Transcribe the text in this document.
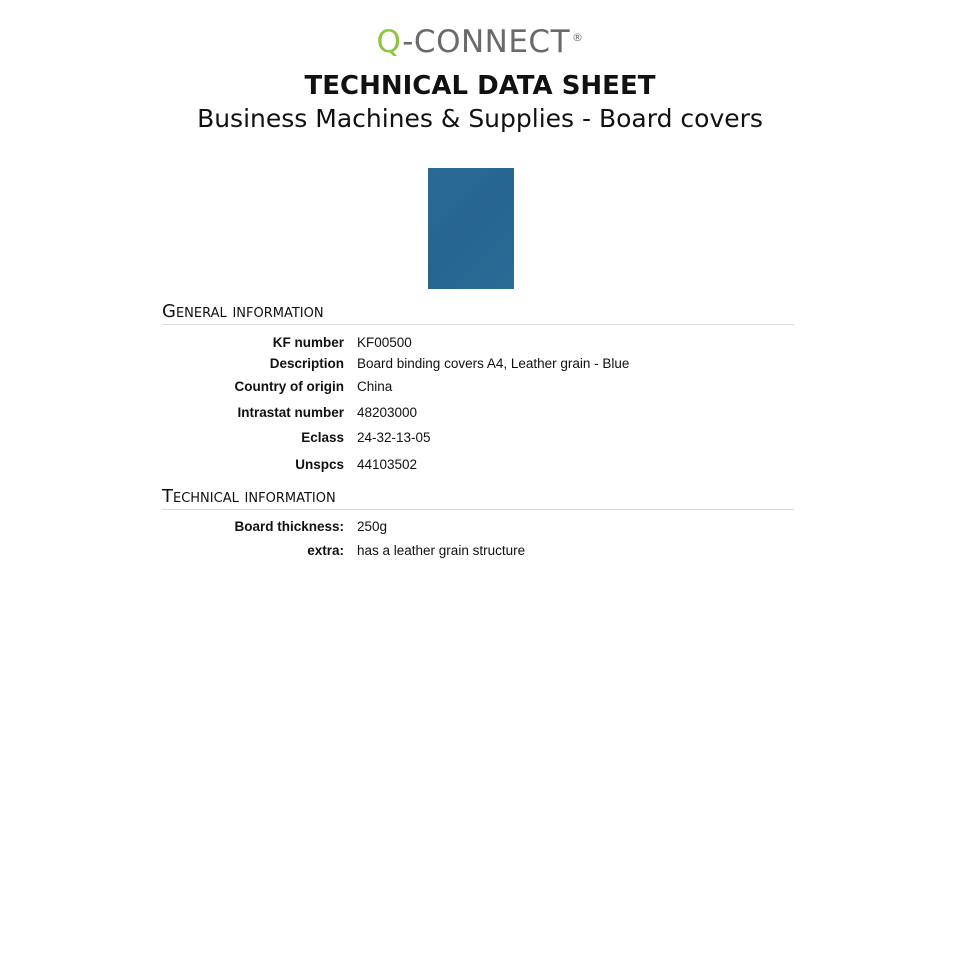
Q-CONNECT ®
TECHNICAL DATA SHEET
Business Machines & Supplies - Board covers
General information
KF number KF00500
Description Board binding covers A4, Leather grain - Blue
Country of origin China
Intrastat number 48203000
Eclass 24-32-13-05
Unspcs 44103502
Technical information
Board thickness: 250g
extra: has a leather grain structure
